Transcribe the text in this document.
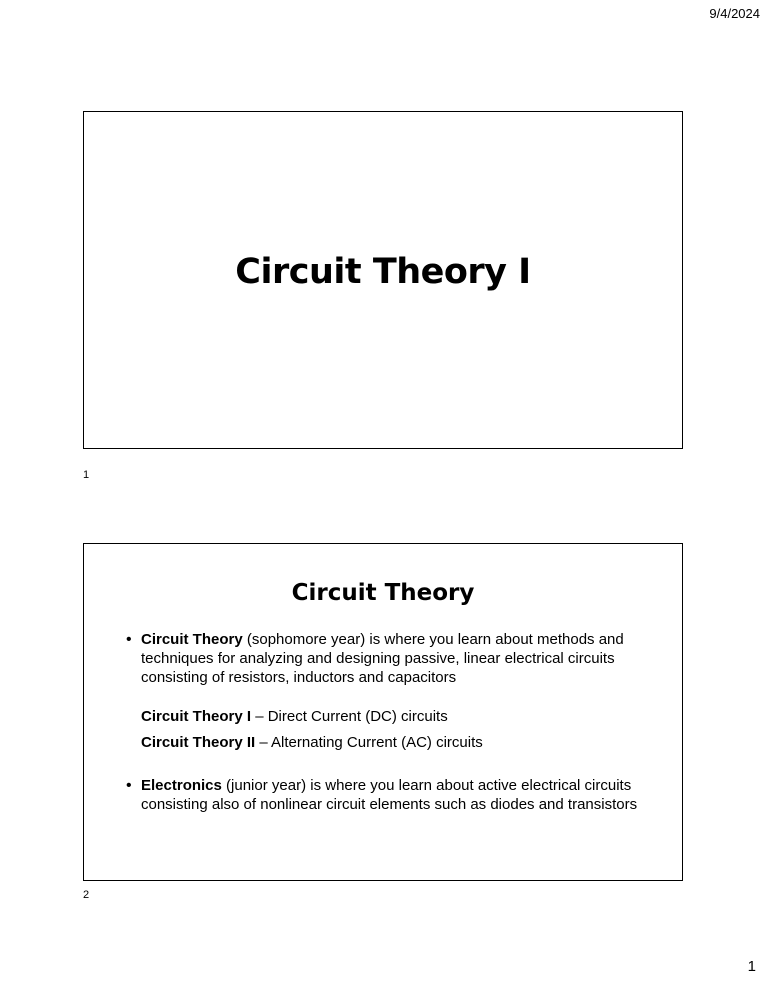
9/4/2024
Circuit Theory I
1
Circuit Theory
• Circuit Theory (sophomore year) is where you learn about methods and techniques for analyzing and designing passive, linear electrical circuits consisting of resistors, inductors and capacitors
Circuit Theory I – Direct Current (DC) circuits
Circuit Theory II – Alternating Current (AC) circuits
• Electronics (junior year) is where you learn about active electrical circuits consisting also of nonlinear circuit elements such as diodes and transistors
2
1
